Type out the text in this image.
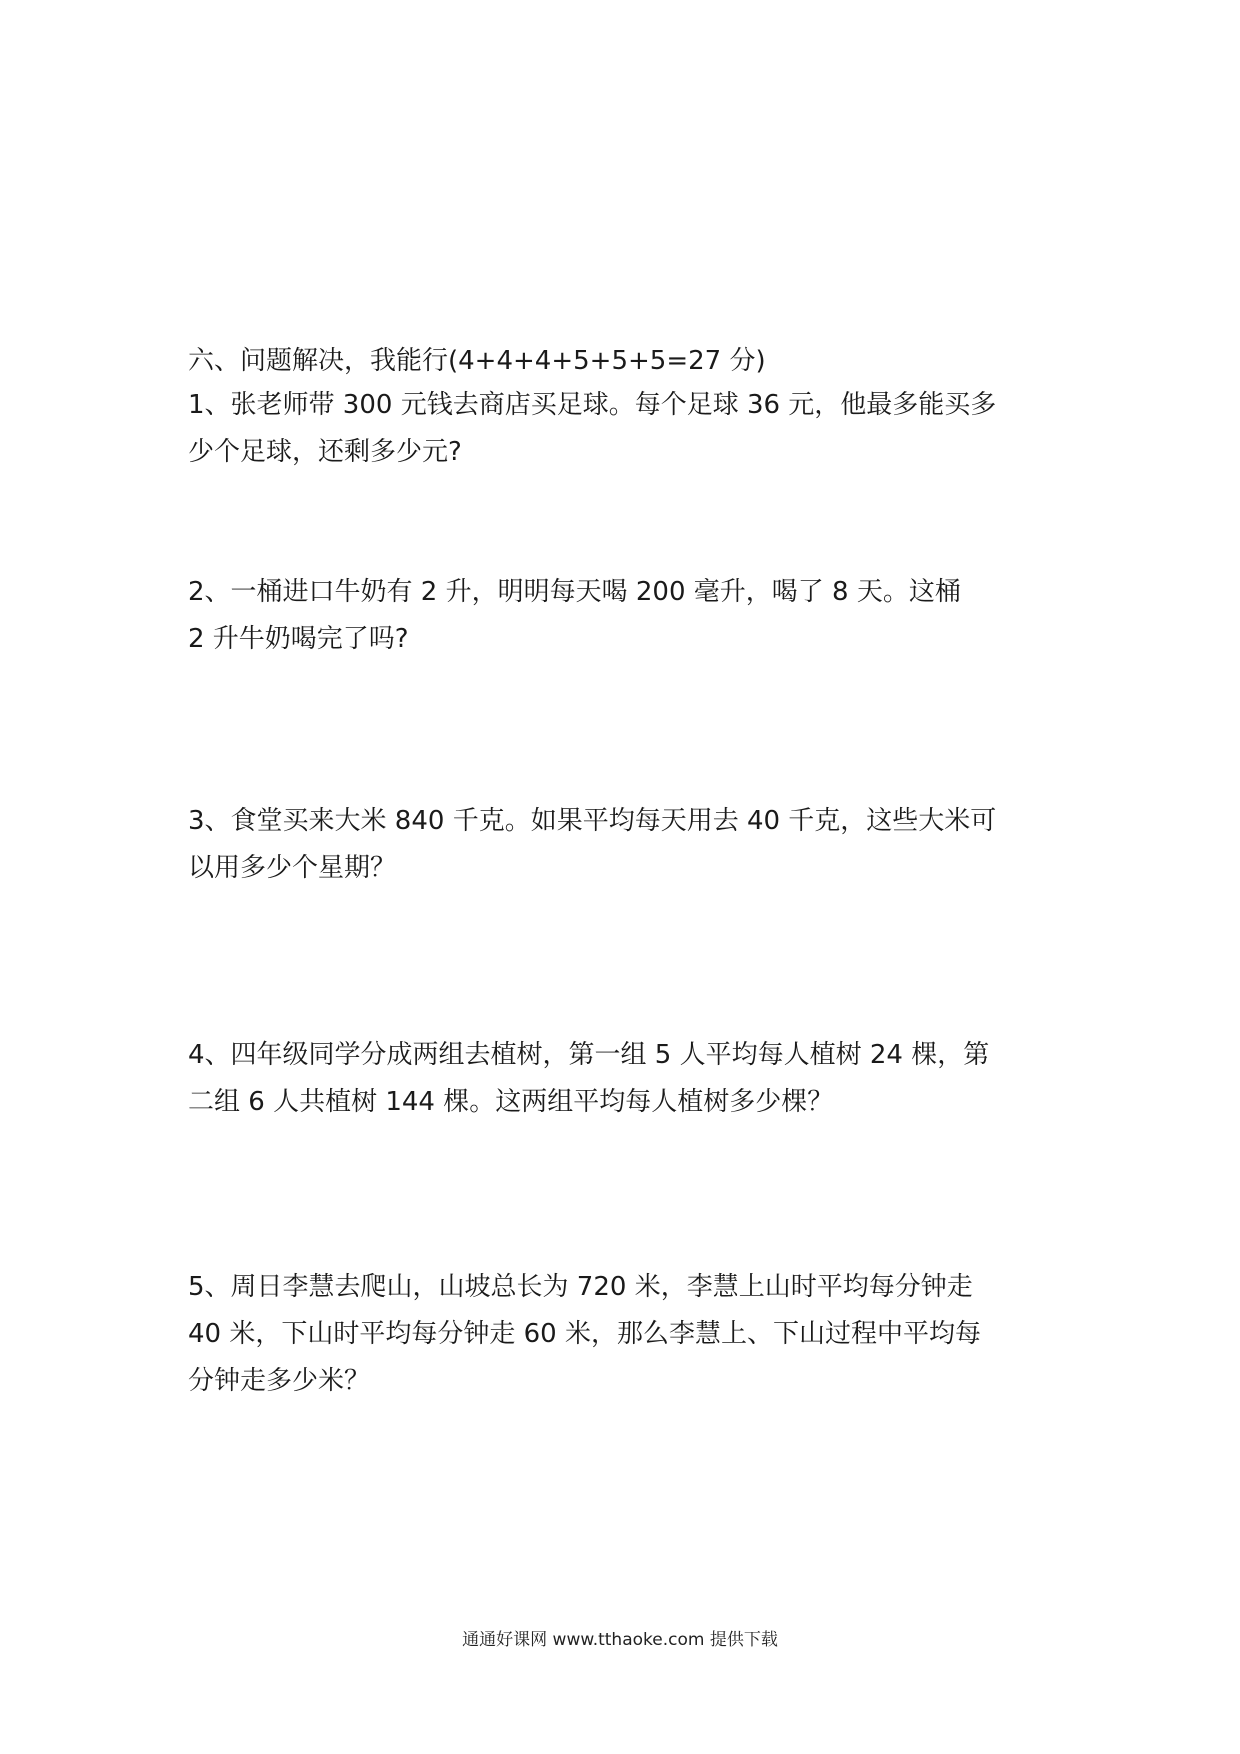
六、问题解决，我能行(4+4+4+5+5+5=27 分)
1、张老师带 300 元钱去商店买足球。每个足球 36 元，他最多能买多
少个足球，还剩多少元?
2、一桶进口牛奶有 2 升，明明每天喝 200 毫升，喝了 8 天。这桶
2 升牛奶喝完了吗?
3、食堂买来大米 840 千克。如果平均每天用去 40 千克，这些大米可
以用多少个星期？
4、四年级同学分成两组去植树，第一组 5 人平均每人植树 24 棵，第
二组 6 人共植树 144 棵。这两组平均每人植树多少棵？
5、周日李慧去爬山，山坡总长为 720 米，李慧上山时平均每分钟走
40 米，下山时平均每分钟走 60 米，那么李慧上、下山过程中平均每
分钟走多少米？
通通好课网 www.tthaoke.com 提供下载
